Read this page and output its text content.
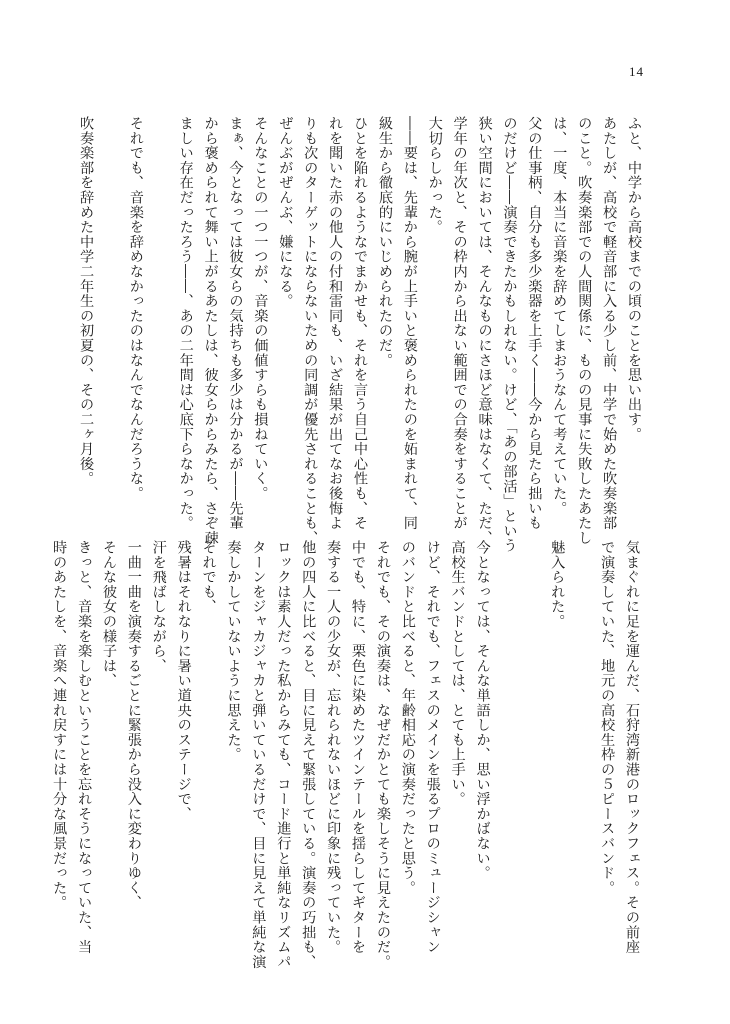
14
ふと、中学から高校までの頃のことを思い出す。
あたしが、高校で軽音部に入る少し前、中学で始めた吹奏楽部
のこと。吹奏楽部での人間関係に、ものの見事に失敗したあたし
は、一度、本当に音楽を辞めてしまおうなんて考えていた。
父の仕事柄、自分も多少楽器を上手く――今から見たら拙いも
のだけど――演奏できたかもしれない。けど、「あの部活」という
狭い空間においては、そんなものにさほど意味はなくて、ただ、
学年の年次と、その枠内から出ない範囲での合奏をすることが
大切らしかった。
――要は、先輩から腕が上手いと褒められたのを妬まれて、同
級生から徹底的にいじめられたのだ。
ひとを陥れるようなでまかせも、それを言う自己中心性も、そ
れを聞いた赤の他人の付和雷同も、いざ結果が出てなお後悔よ
りも次のターゲットにならないための同調が優先されることも、
ぜんぶがぜんぶ、嫌になる。
そんなことの一つ一つが、音楽の価値すらも損ねていく。
まぁ、今となっては彼女らの気持ちも多少は分かるが――先輩
から褒められて舞い上がるあたしは、彼女らからみたら、さぞ疎
ましい存在だったろう――、あの二年間は心底下らなかった。
それでも、音楽を辞めなかったのはなんでなんだろうな。
吹奏楽部を辞めた中学二年生の初夏の、その二ヶ月後。
気まぐれに足を運んだ、石狩湾新港のロックフェス。その前座
で演奏していた、地元の高校生枠の５ピースバンド。
魅入られた。
今となっては、そんな単語しか、思い浮かばない。
高校生バンドとしては、とても上手い。
けど、それでも、フェスのメインを張るプロのミュージシャン
のバンドと比べると、年齢相応の演奏だったと思う。
それでも、その演奏は、なぜだかとても楽しそうに見えたのだ。
中でも、特に、栗色に染めたツインテールを揺らしてギターを
奏する一人の少女が、忘れられないほどに印象に残っていた。
他の四人に比べると、目に見えて緊張している。演奏の巧拙も、
ロックは素人だった私からみても、コード進行と単純なリズムパ
ターンをジャカジャカと弾いているだけで、目に見えて単純な演
奏しかしていないように思えた。
それでも、
残暑はそれなりに暑い道央のステージで、
汗を飛ばしながら、
一曲一曲を演奏するごとに緊張から没入に変わりゆく、
そんな彼女の様子は、
きっと、音楽を楽しむということを忘れそうになっていた、当
時のあたしを、音楽へ連れ戻すには十分な風景だった。
